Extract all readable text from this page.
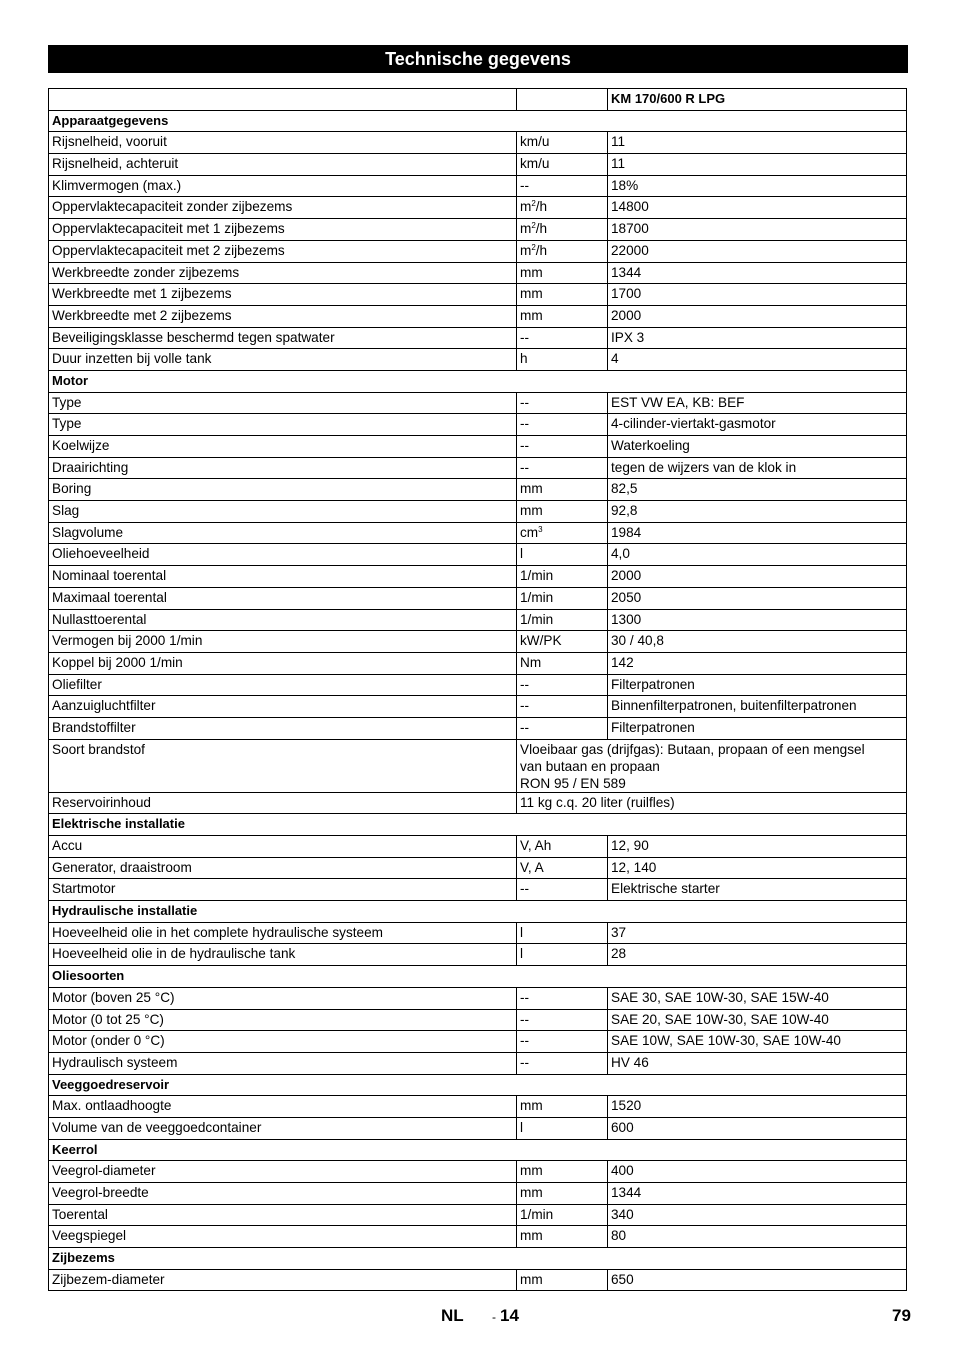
Technische gegevens
		KM 170/600 R LPG
Apparaatgegevens		
Rijsnelheid, vooruit	km/u	11
Rijsnelheid, achteruit	km/u	11
Klimvermogen (max.)	--	18%
Oppervlaktecapaciteit zonder zijbezems	$m^2/h$	14800
Oppervlaktecapaciteit met 1 zijbezems	$m^2/h$	18700
Oppervlaktecapaciteit met 2 zijbezems	$m^2/h$	22000
Werkbreedte zonder zijbezems	mm	1344
Werkbreedte met 1 zijbezems	mm	1700
Werkbreedte met 2 zijbezems	mm	2000
Beveiligingsklasse beschermd tegen spatwater	--	IPX 3
Duur inzetten bij volle tank	h	4
Motor		
Type	--	EST VW EA, KB: BEF
Type	--	4-cilinder-viertakt-gasmotor
Koelwijze	--	Waterkoeling
Draairichting	--	tegen de wijzers van de klok in
Boring	mm	82,5
Slag	mm	92,8
Slagvolume	$cm^3$	1984
Oliehoeveelheid	l	4,0
Nominaal toerental	1/min	2000
Maximaal toerental	1/min	2050
Nullasttoerental	1/min	1300
Vermogen bij 2000 1/min	kW/PK	30 / 40,8
Koppel bij 2000 1/min	Nm	142
Oliefilter	--	Filterpatronen
Aanzuigluchtfilter	--	Binnenfilterpatronen, buitenfilterpatronen
Brandstoffilter	--	Filterpatronen
Soort brandstof	Vloeibaar gas (drijfgas): Butaan, propaan of een mengsel
van butaan en propaan
RON 95 / EN 589	
Reservoirinhoud	11 kg c.q. 20 liter (ruilfles)	
Elektrische installatie		
Accu	V, Ah	12, 90
Generator, draaistroom	V, A	12, 140
Startmotor	--	Elektrische starter
Hydraulische installatie		
Hoeveelheid olie in het complete hydraulische systeem	l	37
Hoeveelheid olie in de hydraulische tank	l	28
Oliesoorten		
Motor (boven 25 °C)	--	SAE 30, SAE 10W-30, SAE 15W-40
Motor (0 tot 25 °C)	--	SAE 20, SAE 10W-30, SAE 10W-40
Motor (onder 0 °C)	--	SAE 10W, SAE 10W-30, SAE 10W-40
Hydraulisch systeem	--	HV 46
Veeggoedreservoir		
Max. ontlaadhoogte	mm	1520
Volume van de veeggoedcontainer	l	600
Keerrol		
Veegrol-diameter	mm	400
Veegrol-breedte	mm	1344
Toerental	1/min	340
Veegspiegel	mm	80
Zijbezems		
Zijbezem-diameter	mm	650
NL - 14	79
